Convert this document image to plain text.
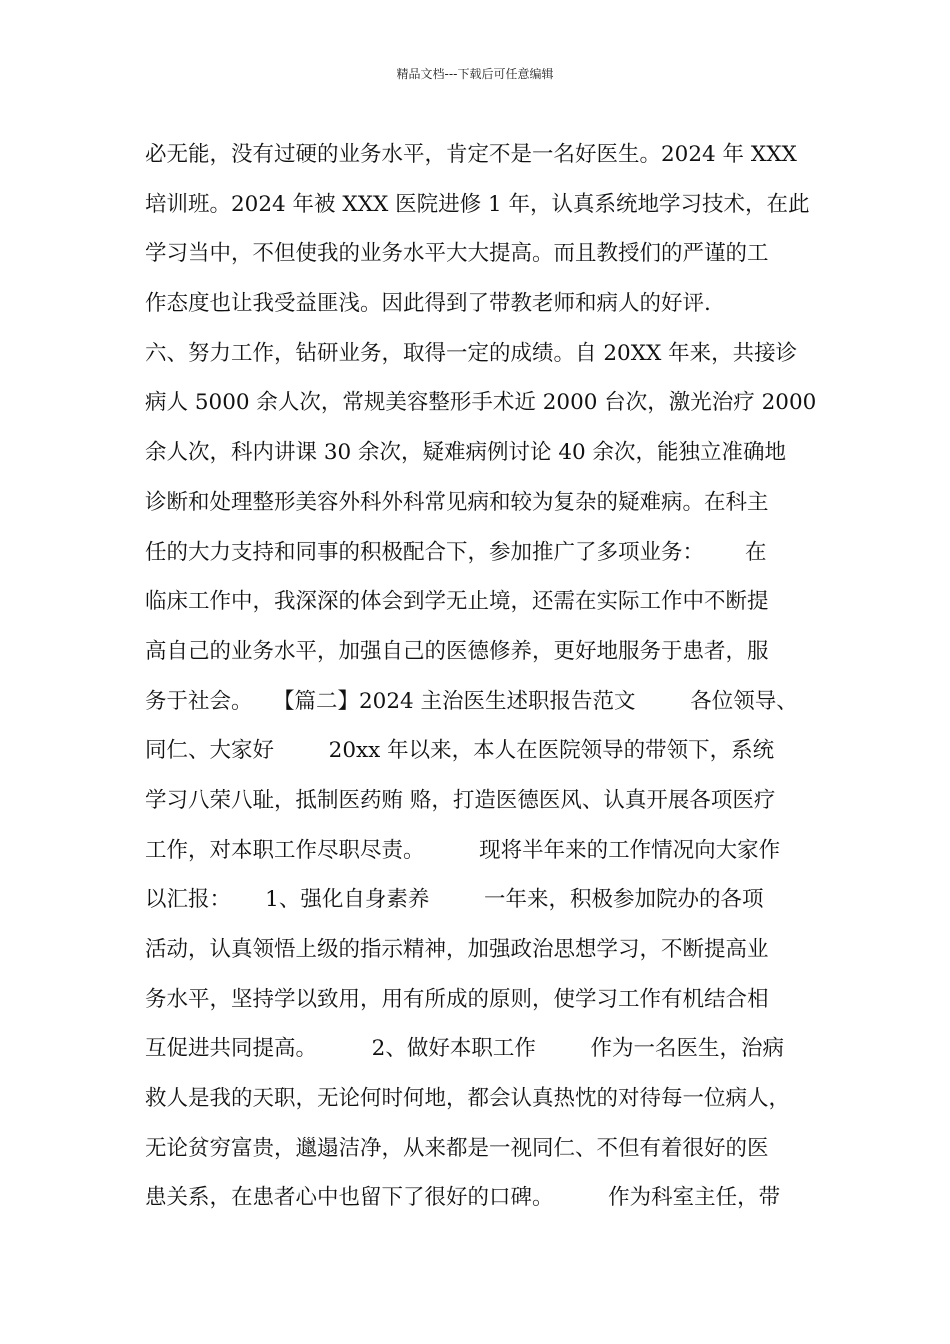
精品文档---下载后可任意编辑
必无能，没有过硬的业务水平，肯定不是一名好医生。2024 年 XXX
培训班。2024 年被 XXX 医院进修 1 年，认真系统地学习技术，在此
学习当中，不但使我的业务水平大大提高。而且教授们的严谨的工
作态度也让我受益匪浅。因此得到了带教老师和病人的好评.
六、努力工作，钻研业务，取得一定的成绩。自 20XX 年来，共接诊
病人 5000 余人次，常规美容整形手术近 2000 台次，激光治疗 2000
余人次，科内讲课 30 余次，疑难病例讨论 40 余次，能独立准确地
诊断和处理整形美容外科外科常见病和较为复杂的疑难病。在科主
任的大力支持和同事的积极配合下，参加推广了多项业务：      在
临床工作中，我深深的体会到学无止境，还需在实际工作中不断提
高自己的业务水平，加强自己的医德修养，更好地服务于患者，服
务于社会。   【篇二】2024 主治医生述职报告范文        各位领导、
同仁、大家好        20xx 年以来，本人在医院领导的带领下，系统
学习八荣八耻，抵制医药贿 赂，打造医德医风、认真开展各项医疗
工作，对本职工作尽职尽责。        现将半年来的工作情况向大家作
以汇报：     1、强化自身素养        一年来，积极参加院办的各项
活动，认真领悟上级的指示精神，加强政治思想学习，不断提高业
务水平，坚持学以致用，用有所成的原则，使学习工作有机结合相
互促进共同提高。        2、做好本职工作        作为一名医生，治病
救人是我的天职，无论何时何地，都会认真热忱的对待每一位病人，
无论贫穷富贵，邋遢洁净，从来都是一视同仁、不但有着很好的医
患关系，在患者心中也留下了很好的口碑。        作为科室主任，带
